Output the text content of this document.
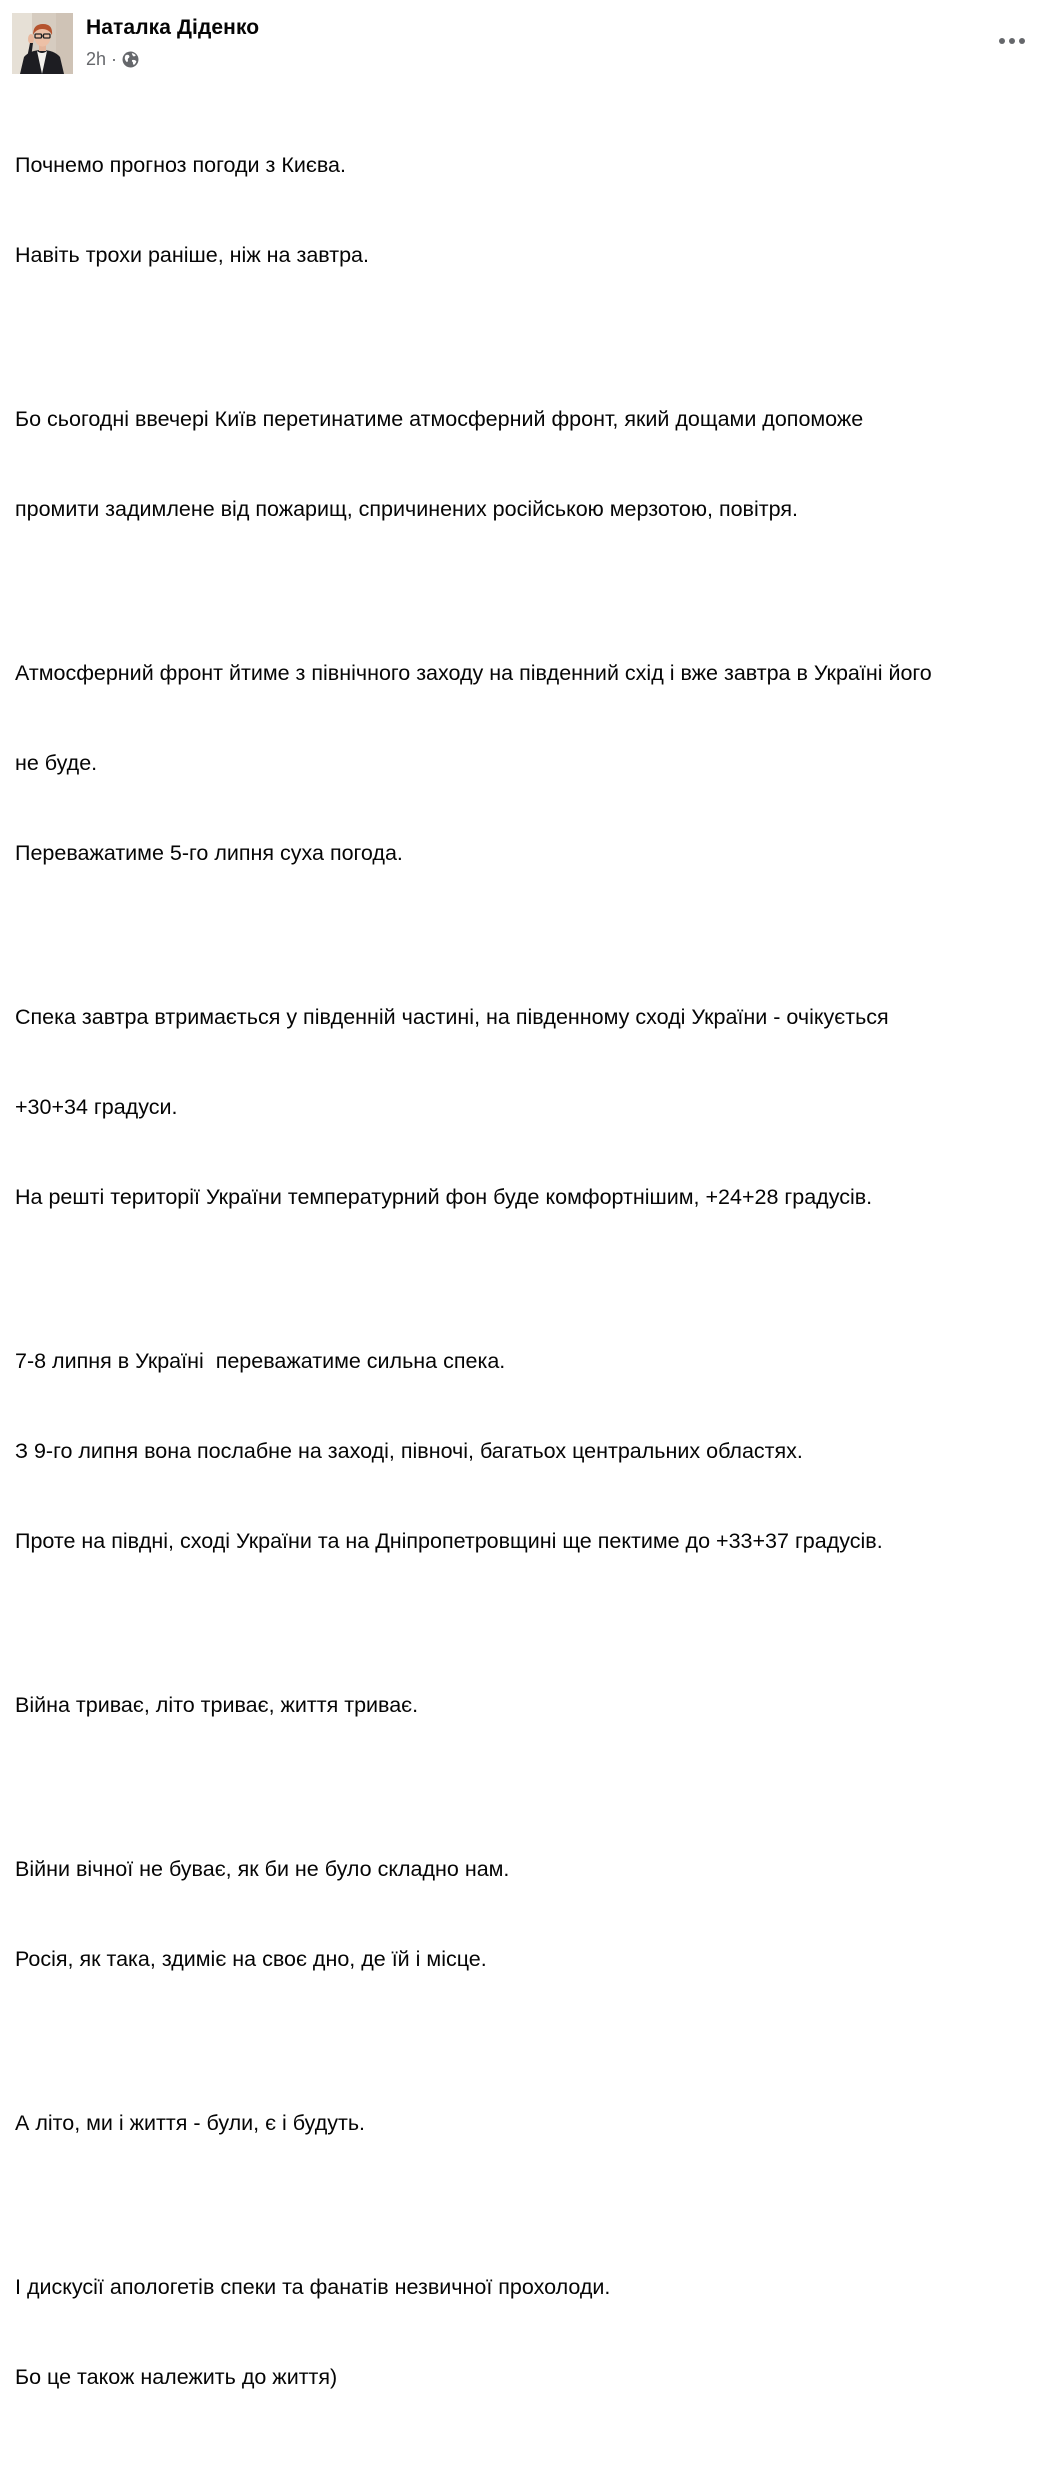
Наталка Діденко
2h ·

Почнемо прогноз погоди з Києва.

Навіть трохи раніше, ніж на завтра.

Бо сьогодні ввечері Київ перетинатиме атмосферний фронт, який дощами допоможе

промити задимлене від пожарищ, спричинених російською мерзотою, повітря.

Атмосферний фронт йтиме з північного заходу на південний схід і вже завтра в Україні його

не буде.

Переважатиме 5-го липня суха погода.

Спека завтра втримається у південній частині, на південному сході України - очікується

+30+34 градуси.

На решті території України температурний фон буде комфортнішим, +24+28 градусів.

7-8 липня в Україні  переважатиме сильна спека.

З 9-го липня вона послабне на заході, півночі, багатьох центральних областях.

Проте на півдні, сході України та на Дніпропетровщині ще пектиме до +33+37 градусів.

Війна триває, літо триває, життя триває.

Війни вічної не буває, як би не було складно нам.

Росія, як така, здиміє на своє дно, де їй і місце.

А літо, ми і життя - були, є і будуть.

І дискусії апологетів спеки та фанатів незвичної прохолоди.

Бо це також належить до життя)
